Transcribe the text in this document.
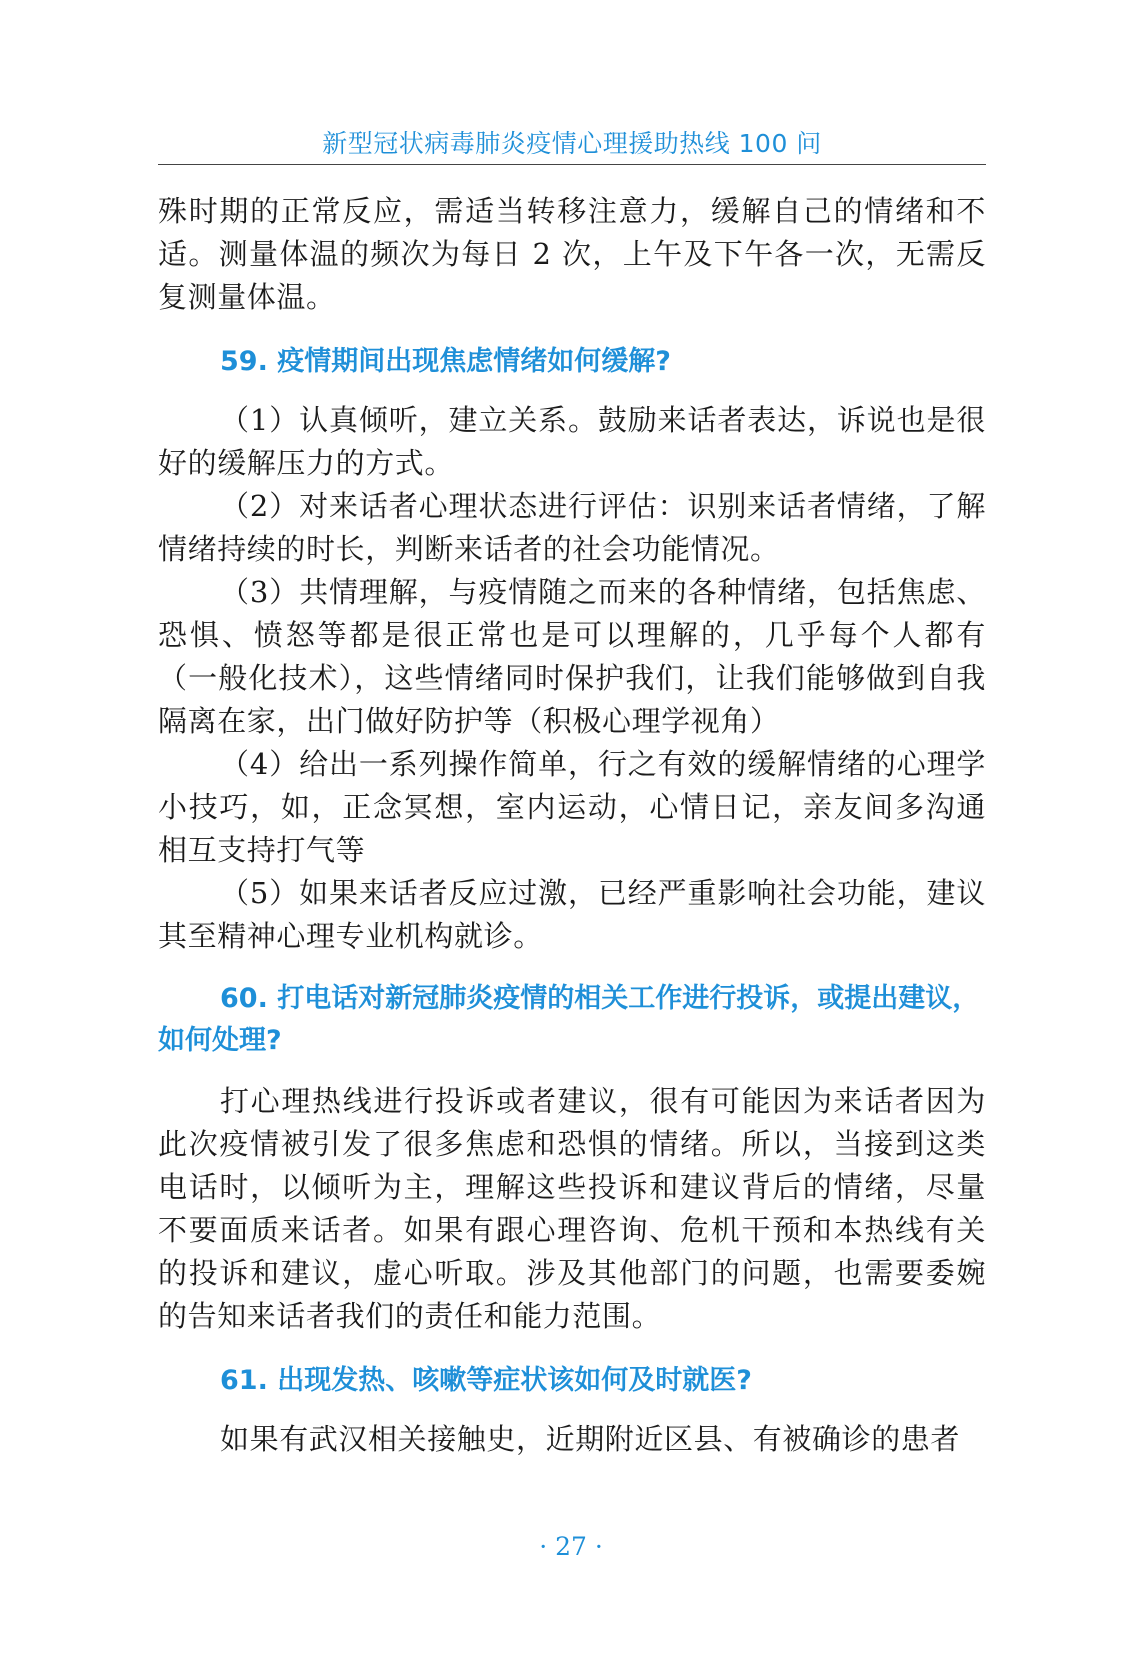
新型冠状病毒肺炎疫情心理援助热线 100 问

殊时期的正常反应，需适当转移注意力，缓解自己的情绪和不适。测量体温的频次为每日 2 次，上午及下午各一次，无需反复测量体温。

59. 疫情期间出现焦虑情绪如何缓解?

（1）认真倾听，建立关系。鼓励来话者表达，诉说也是很好的缓解压力的方式。

（2）对来话者心理状态进行评估：识别来话者情绪，了解情绪持续的时长，判断来话者的社会功能情况。

（3）共情理解，与疫情随之而来的各种情绪，包括焦虑、恐惧、愤怒等都是很正常也是可以理解的，几乎每个人都有（一般化技术），这些情绪同时保护我们，让我们能够做到自我隔离在家，出门做好防护等（积极心理学视角）

（4）给出一系列操作简单，行之有效的缓解情绪的心理学小技巧，如，正念冥想，室内运动，心情日记，亲友间多沟通相互支持打气等

（5）如果来话者反应过激，已经严重影响社会功能，建议其至精神心理专业机构就诊。

60. 打电话对新冠肺炎疫情的相关工作进行投诉，或提出建议，如何处理?

打心理热线进行投诉或者建议，很有可能因为来话者因为此次疫情被引发了很多焦虑和恐惧的情绪。所以，当接到这类电话时，以倾听为主，理解这些投诉和建议背后的情绪，尽量不要面质来话者。如果有跟心理咨询、危机干预和本热线有关的投诉和建议，虚心听取。涉及其他部门的问题，也需要委婉的告知来话者我们的责任和能力范围。

61. 出现发热、咳嗽等症状该如何及时就医?

如果有武汉相关接触史，近期附近区县、有被确诊的患者

· 27 ·
